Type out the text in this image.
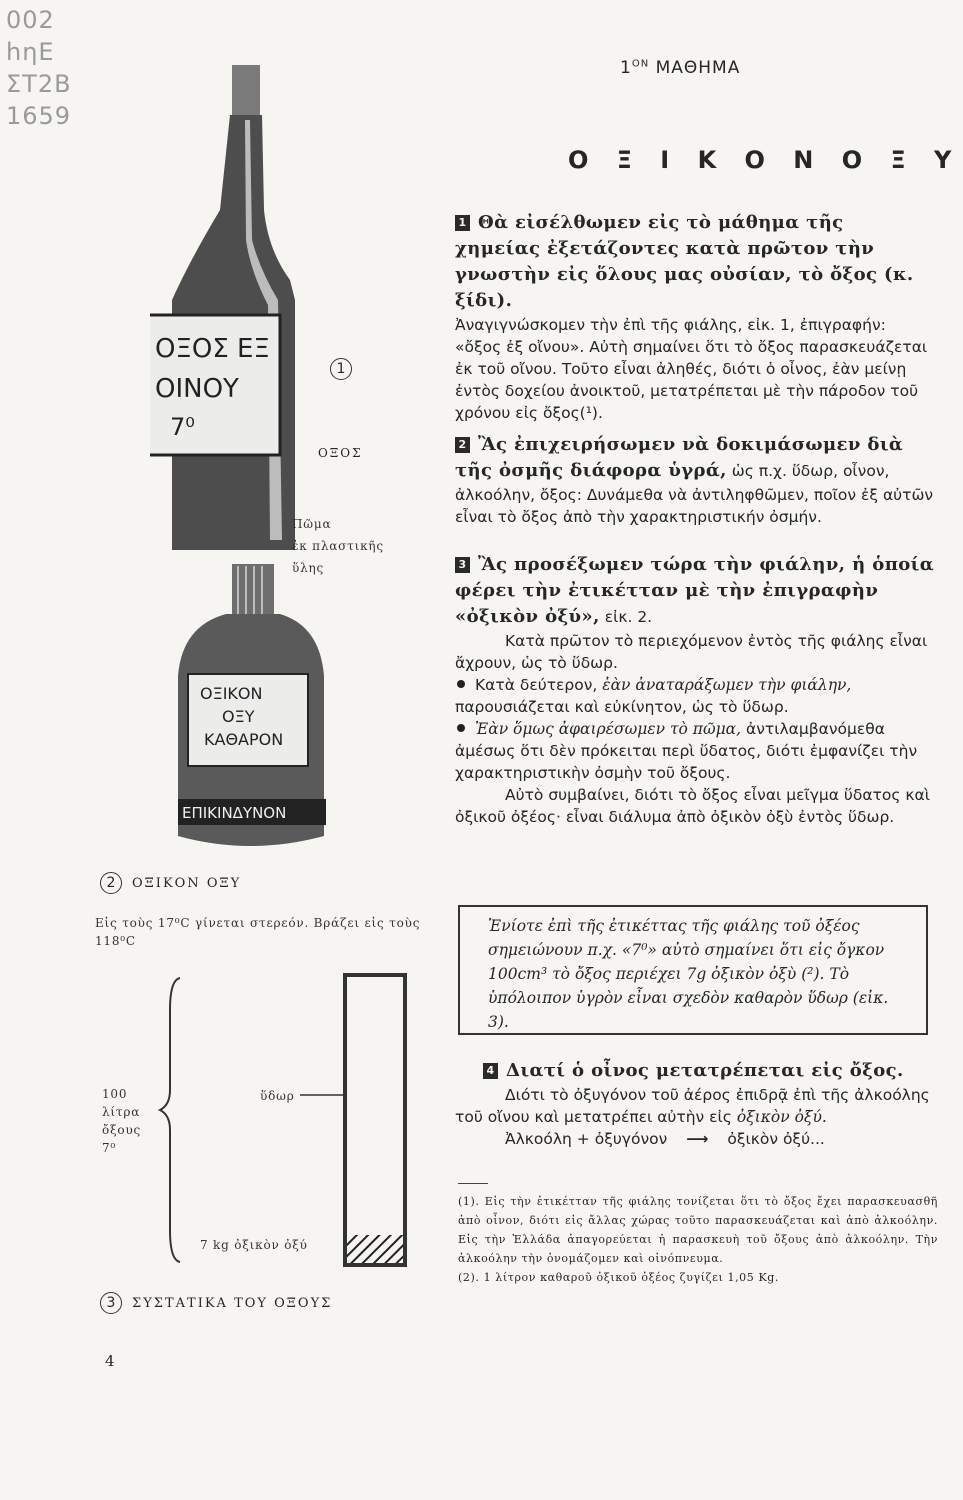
002
hηΕ
ΣΤ2Β
1659
$1^{ON}$ ΜΑΘΗΜΑ
Ο Ξ Ι Κ Ο Ν Ο Ξ Υ

1 Θὰ εἰσέλθωμεν εἰς τὸ μάθημα τῆς χημείας ἐξετάζοντες κατὰ πρῶτον τὴν γνωστὴν εἰς ὅλους μας οὐσίαν, τὸ ὄξος (κ. ξίδι).

Ἀναγιγνώσκομεν τὴν ἐπὶ τῆς φιάλης, εἰκ. 1, ἐπιγραφήν: «ὄξος ἐξ οἴνου». Αὐτὴ σημαίνει ὅτι τὸ ὄξος παρασκευάζεται ἐκ τοῦ οἴνου. Τοῦτο εἶναι ἀληθές, διότι ὁ οἶνος, ἐὰν μείνῃ ἐντὸς δοχείου ἀνοικτοῦ, μετατρέπεται μὲ τὴν πάροδον τοῦ χρόνου εἰς ὄξος(¹).

2 Ἂς ἐπιχειρήσωμεν νὰ δοκιμάσωμεν διὰ τῆς ὀσμῆς διάφορα ὑγρά, ὡς π.χ. ὕδωρ, οἶνον, ἀλκοόλην, ὄξος: Δυνάμεθα νὰ ἀντιληφθῶμεν, ποῖον ἐξ αὐτῶν εἶναι τὸ ὄξος ἀπὸ τὴν χαρακτηριστικήν ὀσμήν.

3 Ἂς προσέξωμεν τώρα τὴν φιάλην, ἡ ὁποία φέρει τὴν ἐτικέτταν μὲ τὴν ἐπιγραφὴν «ὀξικὸν ὀξύ», εἰκ. 2.

Κατὰ πρῶτον τὸ περιεχόμενον ἐντὸς τῆς φιάλης εἶναι ἄχρουν, ὡς τὸ ὕδωρ.

Κατὰ δεύτερον, ἐὰν ἀναταράξωμεν τὴν φιάλην, παρουσιάζεται καὶ εὐκίνητον, ὡς τὸ ὕδωρ.

Ἐὰν ὅμως ἀφαιρέσωμεν τὸ πῶμα, ἀντιλαμβανόμεθα ἀμέσως ὅτι δὲν πρόκειται περὶ ὕδατος, διότι ἐμφανίζει τὴν χαρακτηριστικὴν ὀσμὴν τοῦ ὄξους.

Αὐτὸ συμβαίνει, διότι τὸ ὄξος εἶναι μεῖγμα ὕδατος καὶ ὀξικοῦ ὀξέος· εἶναι διάλυμα ἀπὸ ὀξικὸν ὀξὺ ἐντὸς ὕδωρ.

Ἐνίοτε ἐπὶ τῆς ἐτικέττας τῆς φιάλης τοῦ ὀξέος σημειώνουν π.χ. «7⁰» αὐτὸ σημαίνει ὅτι εἰς ὄγκον 100cm³ τὸ ὄξος περιέχει 7g ὀξικὸν ὀξὺ (²). Τὸ ὑπόλοιπον ὑγρὸν εἶναι σχεδὸν καθαρὸν ὕδωρ (εἰκ. 3).

4 Διατί ὁ οἶνος μετατρέπεται εἰς ὄξος.

Διότι τὸ ὀξυγόνον τοῦ ἀέρος ἐπιδρᾷ ἐπὶ τῆς ἀλκοόλης τοῦ οἴνου καὶ μετατρέπει αὐτὴν εἰς ὀξικὸν ὀξύ.

Ἀλκοόλη + ὀξυγόνον ⟶ ὀξικὸν ὀξύ...

(1). Εἰς τὴν ἐτικέτταν τῆς φιάλης τονίζεται ὅτι τὸ ὄξος ἔχει παρασκευασθῆ ἀπὸ οἶνον, διότι εἰς ἄλλας χώρας τοῦτο παρασκευάζεται καὶ ἀπὸ ἀλκοόλην. Εἰς τὴν Ἑλλάδα ἀπαγορεύεται ἡ παρασκευὴ τοῦ ὄξους ἀπὸ ἀλκοόλην. Τὴν ἀλκοόλην τὴν ὀνομάζομεν καὶ οἰνόπνευμα.
(2). 1 λίτρον καθαροῦ ὀξικοῦ ὀξέος ζυγίζει 1,05 Kg.
ΟΞΟΣ ΕΞ
ΟΙΝΟΥ
7⁰
1
ΟΞΟΣ
Πῶμα
ἐκ πλαστικῆς
ὕλης
ΟΞΙΚΟΝ
ΟΞΥ
ΚΑΘΑΡΟΝ
ΕΠΙΚΙΝΔΥΝΟΝ
2 ΟΞΙΚΟΝ ΟΞΥ
Εἰς τοὺς 17⁰C γίνεται στερεόν. Βράζει εἰς τοὺς 118⁰C
100
λίτρα
ὄξους
7⁰
ὕδωρ
7 kg ὀξικὸν ὀξύ
3 ΣΥΣΤΑΤΙΚΑ ΤΟΥ ΟΞΟΥΣ
4
